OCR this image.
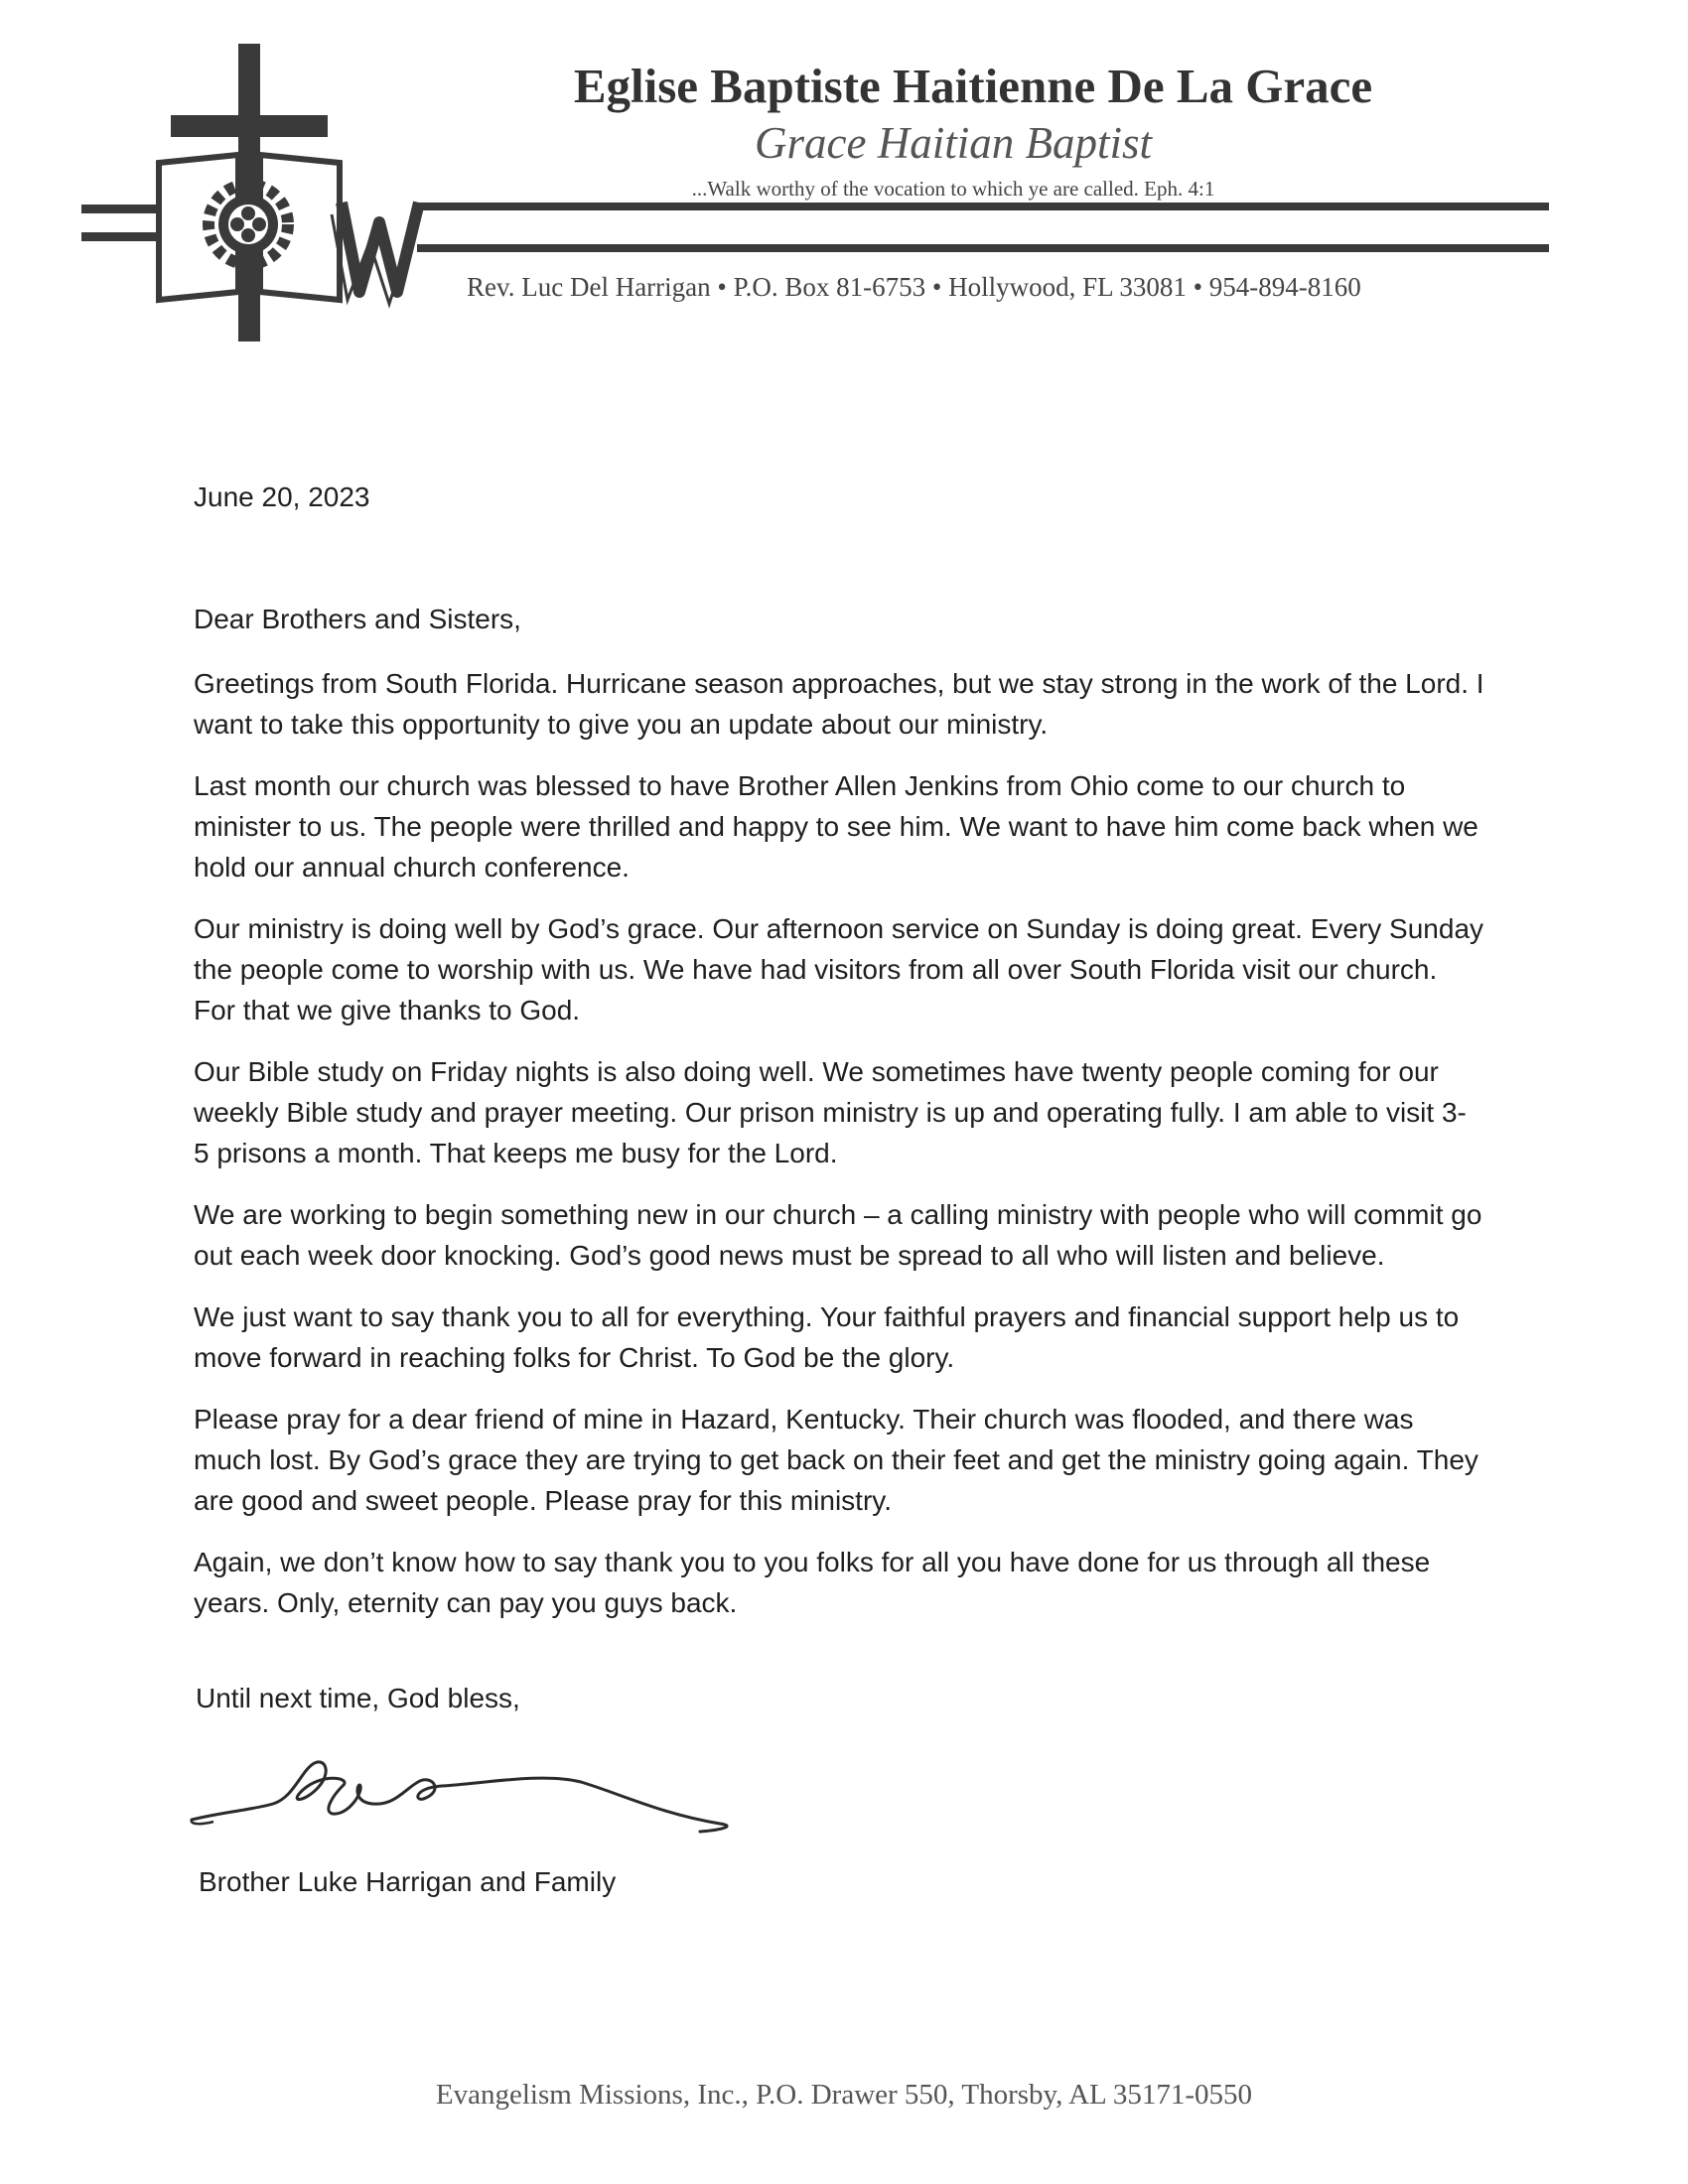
Eglise Baptiste Haitienne De La Grace
Grace Haitian Baptist
...Walk worthy of the vocation to which ye are called. Eph. 4:1
Rev. Luc Del Harrigan • P.O. Box 81-6753 • Hollywood, FL 33081 • 954-894-8160
June 20, 2023
Dear Brothers and Sisters,

Greetings from South Florida. Hurricane season approaches, but we stay strong in the work of the Lord. I want to take this opportunity to give you an update about our ministry.

Last month our church was blessed to have Brother Allen Jenkins from Ohio come to our church to minister to us. The people were thrilled and happy to see him. We want to have him come back when we hold our annual church conference.

Our ministry is doing well by God’s grace. Our afternoon service on Sunday is doing great. Every Sunday the people come to worship with us. We have had visitors from all over South Florida visit our church. For that we give thanks to God.

Our Bible study on Friday nights is also doing well. We sometimes have twenty people coming for our weekly Bible study and prayer meeting. Our prison ministry is up and operating fully. I am able to visit 3- 5 prisons a month. That keeps me busy for the Lord.

We are working to begin something new in our church – a calling ministry with people who will commit go out each week door knocking. God’s good news must be spread to all who will listen and believe.

We just want to say thank you to all for everything. Your faithful prayers and financial support help us to move forward in reaching folks for Christ. To God be the glory.

Please pray for a dear friend of mine in Hazard, Kentucky. Their church was flooded, and there was much lost. By God’s grace they are trying to get back on their feet and get the ministry going again. They are good and sweet people. Please pray for this ministry.

Again, we don’t know how to say thank you to you folks for all you have done for us through all these years. Only, eternity can pay you guys back.

Until next time, God bless,
Brother Luke Harrigan and Family
Evangelism Missions, Inc., P.O. Drawer 550, Thorsby, AL 35171-0550
